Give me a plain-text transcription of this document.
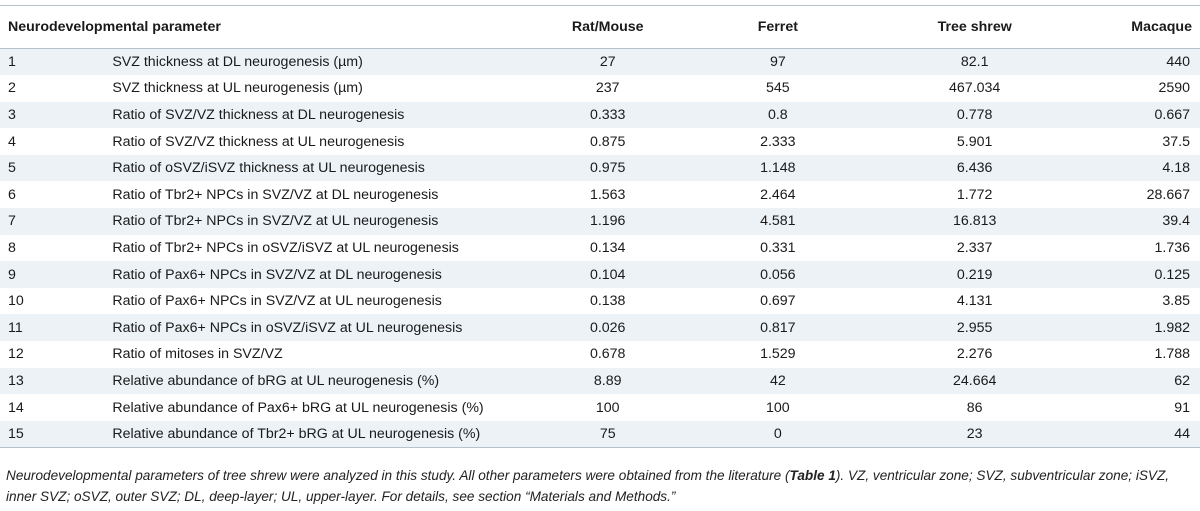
Neurodevelopmental parameter		Rat/Mouse	Ferret	Tree shrew	Macaque
1	SVZ thickness at DL neurogenesis (µm)	27	97	82.1	440
2	SVZ thickness at UL neurogenesis (µm)	237	545	467.034	2590
3	Ratio of SVZ/VZ thickness at DL neurogenesis	0.333	0.8	0.778	0.667
4	Ratio of SVZ/VZ thickness at UL neurogenesis	0.875	2.333	5.901	37.5
5	Ratio of oSVZ/iSVZ thickness at UL neurogenesis	0.975	1.148	6.436	4.18
6	Ratio of Tbr2+ NPCs in SVZ/VZ at DL neurogenesis	1.563	2.464	1.772	28.667
7	Ratio of Tbr2+ NPCs in SVZ/VZ at UL neurogenesis	1.196	4.581	16.813	39.4
8	Ratio of Tbr2+ NPCs in oSVZ/iSVZ at UL neurogenesis	0.134	0.331	2.337	1.736
9	Ratio of Pax6+ NPCs in SVZ/VZ at DL neurogenesis	0.104	0.056	0.219	0.125
10	Ratio of Pax6+ NPCs in SVZ/VZ at UL neurogenesis	0.138	0.697	4.131	3.85
11	Ratio of Pax6+ NPCs in oSVZ/iSVZ at UL neurogenesis	0.026	0.817	2.955	1.982
12	Ratio of mitoses in SVZ/VZ	0.678	1.529	2.276	1.788
13	Relative abundance of bRG at UL neurogenesis (%)	8.89	42	24.664	62
14	Relative abundance of Pax6+ bRG at UL neurogenesis (%)	100	100	86	91
15	Relative abundance of Tbr2+ bRG at UL neurogenesis (%)	75	0	23	44
Neurodevelopmental parameters of tree shrew were analyzed in this study. All other parameters were obtained from the literature (Table 1). VZ, ventricular zone; SVZ, subventricular zone; iSVZ, inner SVZ; oSVZ, outer SVZ; DL, deep-layer; UL, upper-layer. For details, see section “Materials and Methods.”
